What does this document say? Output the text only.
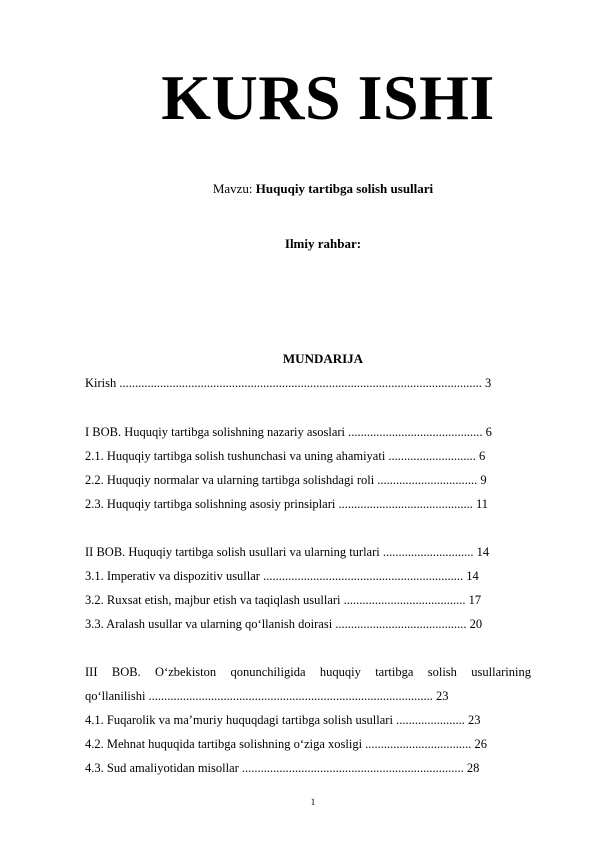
KURS ISHI
Mavzu: Huquqiy tartibga solish usullari
Ilmiy rahbar:
MUNDARIJA
Kirish .................................................................................................................... 3
I BOB. Huquqiy tartibga solishning nazariy asoslari ........................................... 6
2.1. Huquqiy tartibga solish tushunchasi va uning ahamiyati ............................ 6
2.2. Huquqiy normalar va ularning tartibga solishdagi roli ................................ 9
2.3. Huquqiy tartibga solishning asosiy prinsiplari ........................................... 11
II BOB. Huquqiy tartibga solish usullari va ularning turlari ............................. 14
3.1. Imperativ va dispozitiv usullar ................................................................ 14
3.2. Ruxsat etish, majbur etish va taqiqlash usullari ....................................... 17
3.3. Aralash usullar va ularning qo‘llanish doirasi .......................................... 20
III BOB. O‘zbekiston qonunchiligida huquqiy tartibga solish usullarining
qo‘llanilishi ........................................................................................... 23
4.1. Fuqarolik va ma’muriy huquqdagi tartibga solish usullari ...................... 23
4.2. Mehnat huquqida tartibga solishning o‘ziga xosligi .................................. 26
4.3. Sud amaliyotidan misollar ....................................................................... 28
1
